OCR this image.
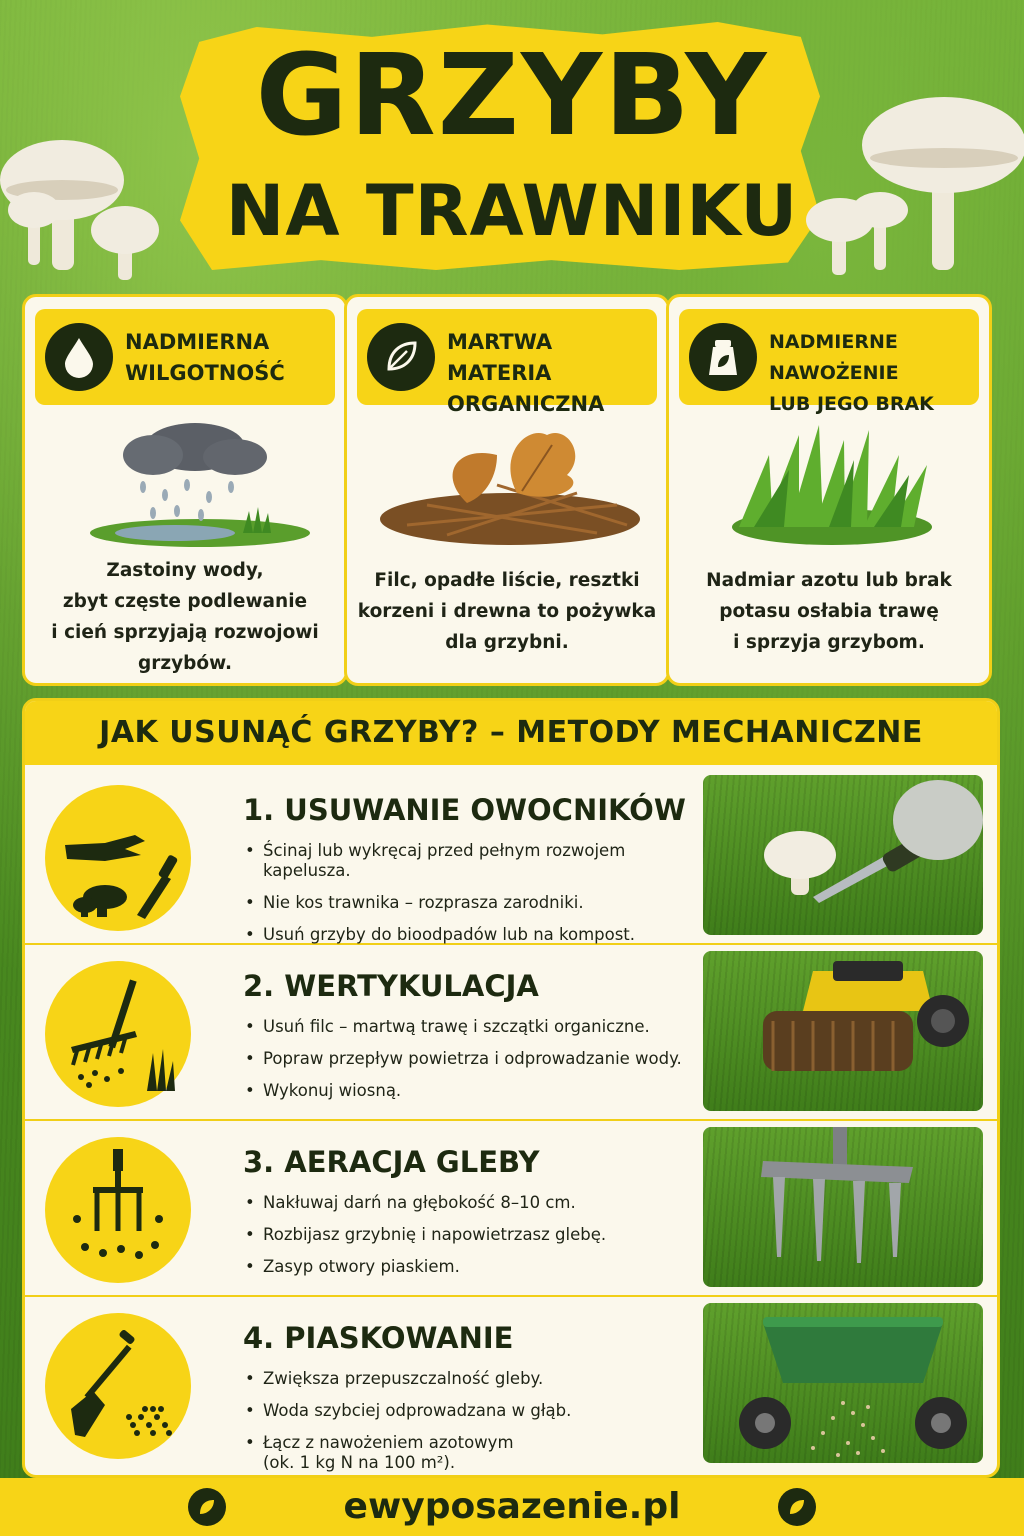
GRZYBY
NA TRAWNIKU
NADMIERNA
WILGOTNOŚĆ
Zastoiny wody,
zbyt częste podlewanie
i cień sprzyjają rozwojowi
grzybów.
MARTWA MATERIA
ORGANICZNA
Filc, opadłe liście, resztki
korzeni i drewna to pożywka
dla grzybni.
NADMIERNE NAWOŻENIE
LUB JEGO BRAK
Nadmiar azotu lub brak
potasu osłabia trawę
i sprzyja grzybom.
JAK USUNĄĆ GRZYBY? – METODY MECHANICZNE
1. USUWANIE OWOCNIKÓW
• Ścinaj lub wykręcaj przed pełnym rozwojem kapelusza.
• Nie kos trawnika – rozprasza zarodniki.
• Usuń grzyby do bioodpadów lub na kompost.
2. WERTYKULACJA
• Usuń filc – martwą trawę i szczątki organiczne.
• Popraw przepływ powietrza i odprowadzanie wody.
• Wykonuj wiosną.
3. AERACJA GLEBY
• Nakłuwaj darń na głębokość 8–10 cm.
• Rozbijasz grzybnię i napowietrzasz glebę.
• Zasyp otwory piaskiem.
4. PIASKOWANIE
• Zwiększa przepuszczalność gleby.
• Woda szybciej odprowadzana w głąb.
• Łącz z nawożeniem azotowym
(ok. 1 kg N na 100 m²).
ewyposazenie.pl
